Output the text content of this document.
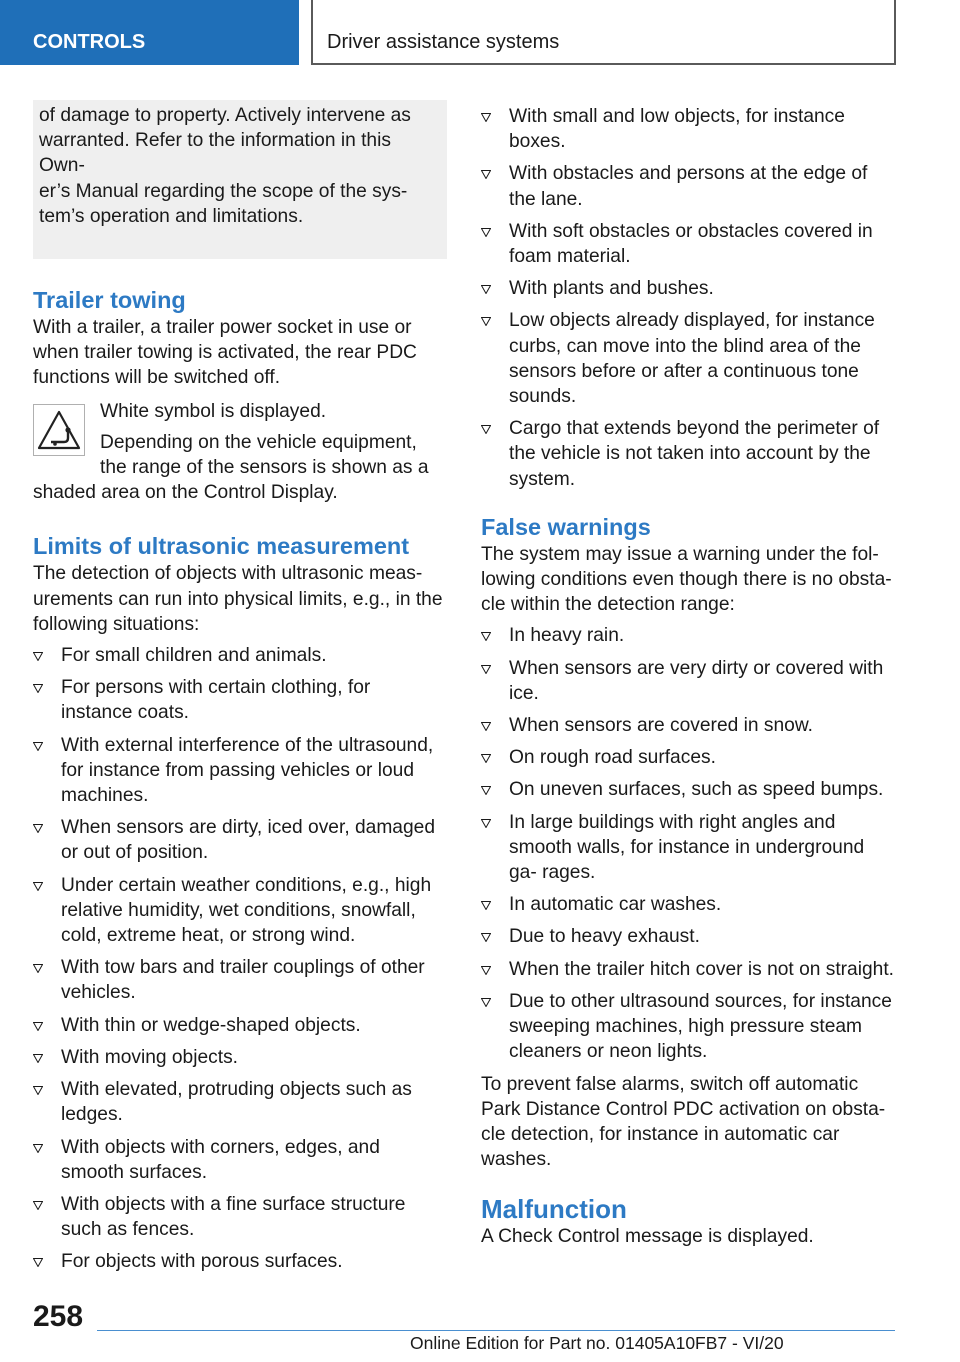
CONTROLS	Driver assistance systems

of damage to property. Actively intervene as

warranted. Refer to the information in this Own‐

er’s Manual regarding the scope of the sys‐

tem’s operation and limitations.

Trailer towing

With a trailer, a trailer power socket in use or when trailer towing is activated, the rear PDC functions will be switched off.

White symbol is displayed.

Depending on the vehicle equipment, the range of the sensors is shown as a shaded area on the Control Display.

Limits of ultrasonic measurement

The detection of objects with ultrasonic meas‐ urements can run into physical limits, e.g., in the following situations:

For small children and animals.
For persons with certain clothing, for instance coats.
With external interference of the ultrasound, for instance from passing vehicles or loud machines.
When sensors are dirty, iced over, damaged or out of position.
Under certain weather conditions, e.g., high relative humidity, wet conditions, snowfall, cold, extreme heat, or strong wind.
With tow bars and trailer couplings of other vehicles.
With thin or wedge-shaped objects.
With moving objects.
With elevated, protruding objects such as ledges.
With objects with corners, edges, and smooth surfaces.
With objects with a fine surface structure such as fences.
For objects with porous surfaces.
With small and low objects, for instance boxes.
With obstacles and persons at the edge of the lane.
With soft obstacles or obstacles covered in foam material.
With plants and bushes.
Low objects already displayed, for instance curbs, can move into the blind area of the sensors before or after a continuous tone sounds.
Cargo that extends beyond the perimeter of the vehicle is not taken into account by the system.
False warnings

The system may issue a warning under the fol‐ lowing conditions even though there is no obsta‐ cle within the detection range:

In heavy rain.
When sensors are very dirty or covered with ice.
When sensors are covered in snow.
On rough road surfaces.
On uneven surfaces, such as speed bumps.
In large buildings with right angles and smooth walls, for instance in underground ga‐ rages.
In automatic car washes.
Due to heavy exhaust.
When the trailer hitch cover is not on straight.
Due to other ultrasound sources, for instance sweeping machines, high pressure steam cleaners or neon lights.

To prevent false alarms, switch off automatic Park Distance Control PDC activation on obsta‐ cle detection, for instance in automatic car washes.

Malfunction

A Check Control message is displayed.

258
Online Edition for Part no. 01405A10FB7 - VI/20
